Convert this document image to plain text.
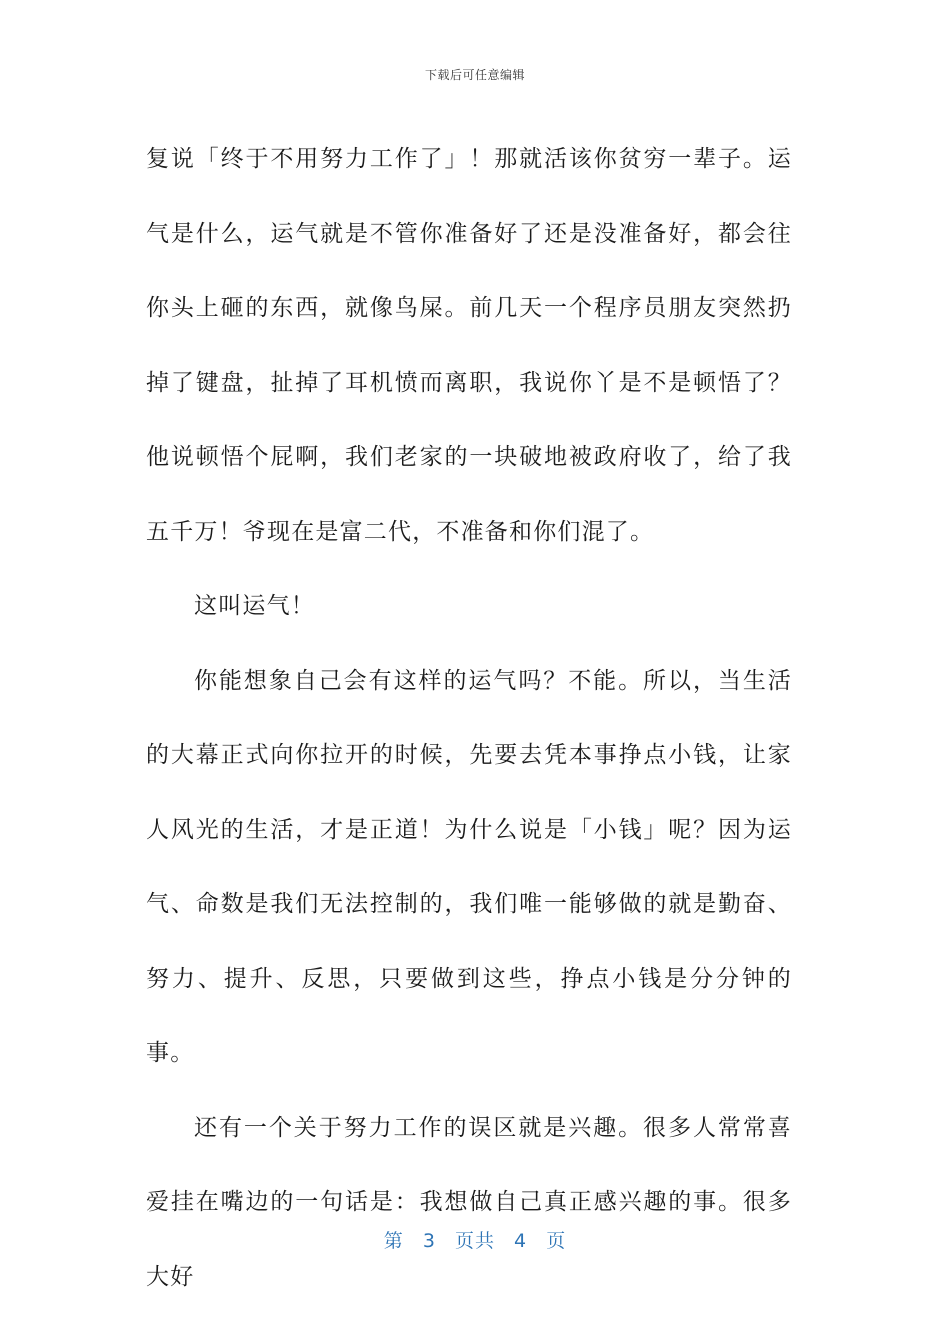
下载后可任意编辑

复说「终于不用努力工作了」！那就活该你贫穷一辈子。运气是什么，运气就是不管你准备好了还是没准备好，都会往你头上砸的东西，就像鸟屎。前几天一个程序员朋友突然扔掉了键盘，扯掉了耳机愤而离职，我说你丫是不是顿悟了？他说顿悟个屁啊，我们老家的一块破地被政府收了，给了我五千万！爷现在是富二代，不准备和你们混了。

这叫运气！

你能想象自己会有这样的运气吗？不能。所以，当生活的大幕正式向你拉开的时候，先要去凭本事挣点小钱，让家人风光的生活，才是正道！为什么说是「小钱」呢？因为运气、命数是我们无法控制的，我们唯一能够做的就是勤奋、努力、提升、反思，只要做到这些，挣点小钱是分分钟的事。

还有一个关于努力工作的误区就是兴趣。很多人常常喜爱挂在嘴边的一句话是：我想做自己真正感兴趣的事。很多大好

第 3 页共 4 页
